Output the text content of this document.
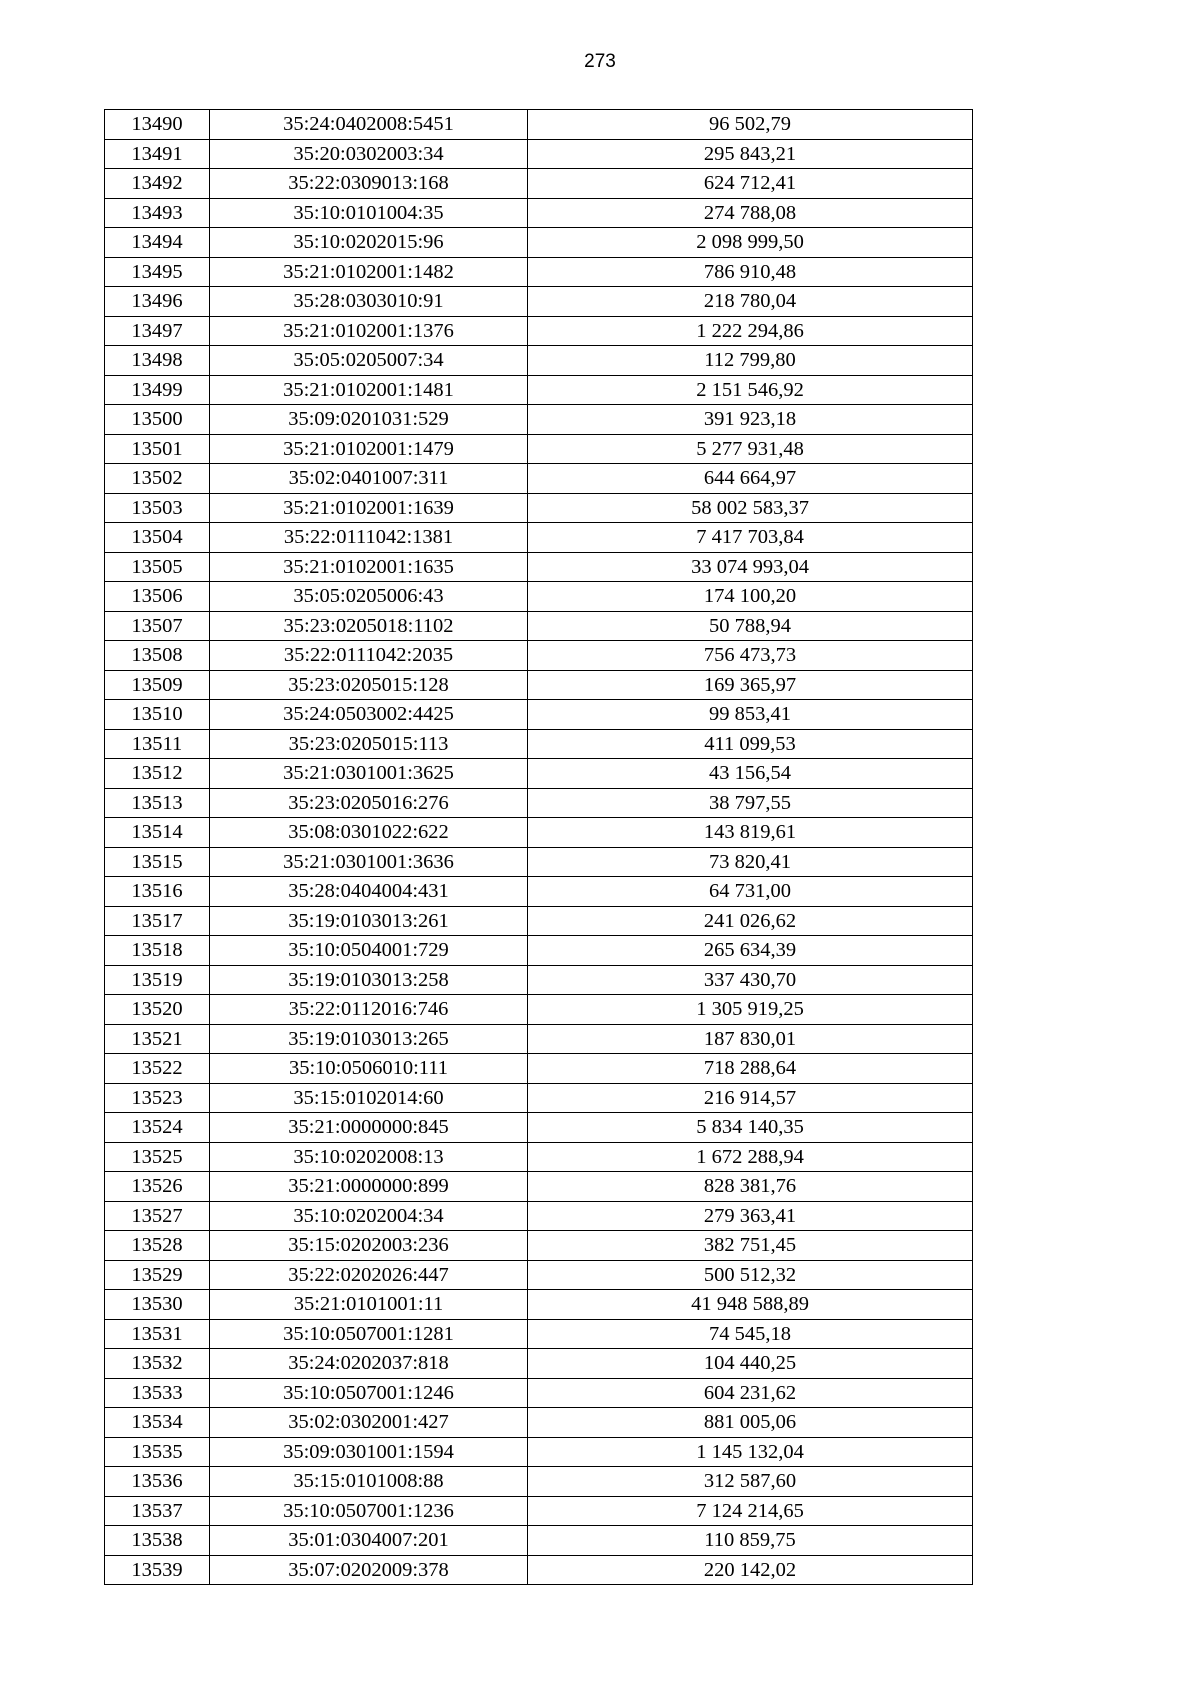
273
13490	35:24:0402008:5451	96 502,79
13491	35:20:0302003:34	295 843,21
13492	35:22:0309013:168	624 712,41
13493	35:10:0101004:35	274 788,08
13494	35:10:0202015:96	2 098 999,50
13495	35:21:0102001:1482	786 910,48
13496	35:28:0303010:91	218 780,04
13497	35:21:0102001:1376	1 222 294,86
13498	35:05:0205007:34	112 799,80
13499	35:21:0102001:1481	2 151 546,92
13500	35:09:0201031:529	391 923,18
13501	35:21:0102001:1479	5 277 931,48
13502	35:02:0401007:311	644 664,97
13503	35:21:0102001:1639	58 002 583,37
13504	35:22:0111042:1381	7 417 703,84
13505	35:21:0102001:1635	33 074 993,04
13506	35:05:0205006:43	174 100,20
13507	35:23:0205018:1102	50 788,94
13508	35:22:0111042:2035	756 473,73
13509	35:23:0205015:128	169 365,97
13510	35:24:0503002:4425	99 853,41
13511	35:23:0205015:113	411 099,53
13512	35:21:0301001:3625	43 156,54
13513	35:23:0205016:276	38 797,55
13514	35:08:0301022:622	143 819,61
13515	35:21:0301001:3636	73 820,41
13516	35:28:0404004:431	64 731,00
13517	35:19:0103013:261	241 026,62
13518	35:10:0504001:729	265 634,39
13519	35:19:0103013:258	337 430,70
13520	35:22:0112016:746	1 305 919,25
13521	35:19:0103013:265	187 830,01
13522	35:10:0506010:111	718 288,64
13523	35:15:0102014:60	216 914,57
13524	35:21:0000000:845	5 834 140,35
13525	35:10:0202008:13	1 672 288,94
13526	35:21:0000000:899	828 381,76
13527	35:10:0202004:34	279 363,41
13528	35:15:0202003:236	382 751,45
13529	35:22:0202026:447	500 512,32
13530	35:21:0101001:11	41 948 588,89
13531	35:10:0507001:1281	74 545,18
13532	35:24:0202037:818	104 440,25
13533	35:10:0507001:1246	604 231,62
13534	35:02:0302001:427	881 005,06
13535	35:09:0301001:1594	1 145 132,04
13536	35:15:0101008:88	312 587,60
13537	35:10:0507001:1236	7 124 214,65
13538	35:01:0304007:201	110 859,75
13539	35:07:0202009:378	220 142,02
